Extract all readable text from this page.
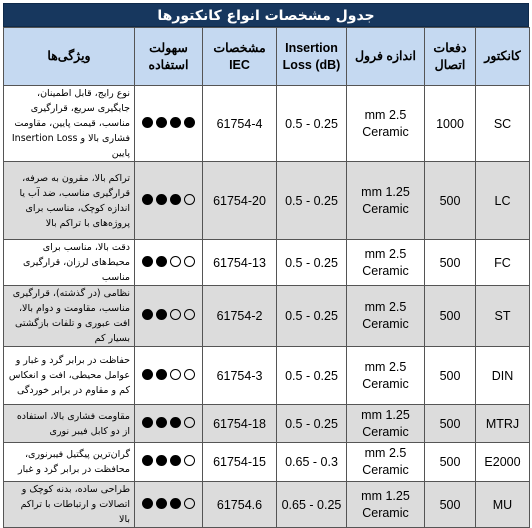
جدول مشخصات انواع کانکتورها
کانکتور	دفعات اتصال	اندازه فرول	Insertion Loss (dB)	مشخصات IEC	سهولت استفاده	ویژگی‌ها
SC	1000	2.5 mm Ceramic	0.25 - 0.5	61754-4		نوع رایج، قابل اطمینان، جایگیری سریع، قرارگیری مناسب، قیمت پایین، مقاومت فشاری بالا و Insertion Loss پایین
LC	500	1.25 mm Ceramic	0.25 - 0.5	61754-20		تراکم بالا، مقرون به صرفه، قرارگیری مناسب، ضد آب یا اندازه کوچک، مناسب برای پروژه‌های با تراکم بالا
FC	500	2.5 mm Ceramic	0.25 - 0.5	61754-13		دقت بالا، مناسب برای محیط‌های لرزان، قرارگیری مناسب
ST	500	2.5 mm Ceramic	0.25 - 0.5	61754-2		نظامی (در گذشته)، قرارگیری مناسب، مقاومت و دوام بالا، افت عبوری و تلفات بازگشتی بسیار کم
DIN	500	2.5 mm Ceramic	0.25 - 0.5	61754-3		حفاظت در برابر گرد و غبار و عوامل محیطی، افت و انعکاس کم و مقاوم در برابر خوردگی
MTRJ	500	1.25 mm Ceramic	0.25 - 0.5	61754-18		مقاومت فشاری بالا، استفاده از دو کابل فیبر نوری
E2000	500	2.5 mm Ceramic	0.3 - 0.65	61754-15		گران‌ترین پیگتیل فیبرنوری، محافظت در برابر گرد و غبار
MU	500	1.25 mm Ceramic	0.25 - 0.65	61754.6		طراحی ساده، بدنه کوچک و اتصالات و ارتباطات با تراکم بالا
